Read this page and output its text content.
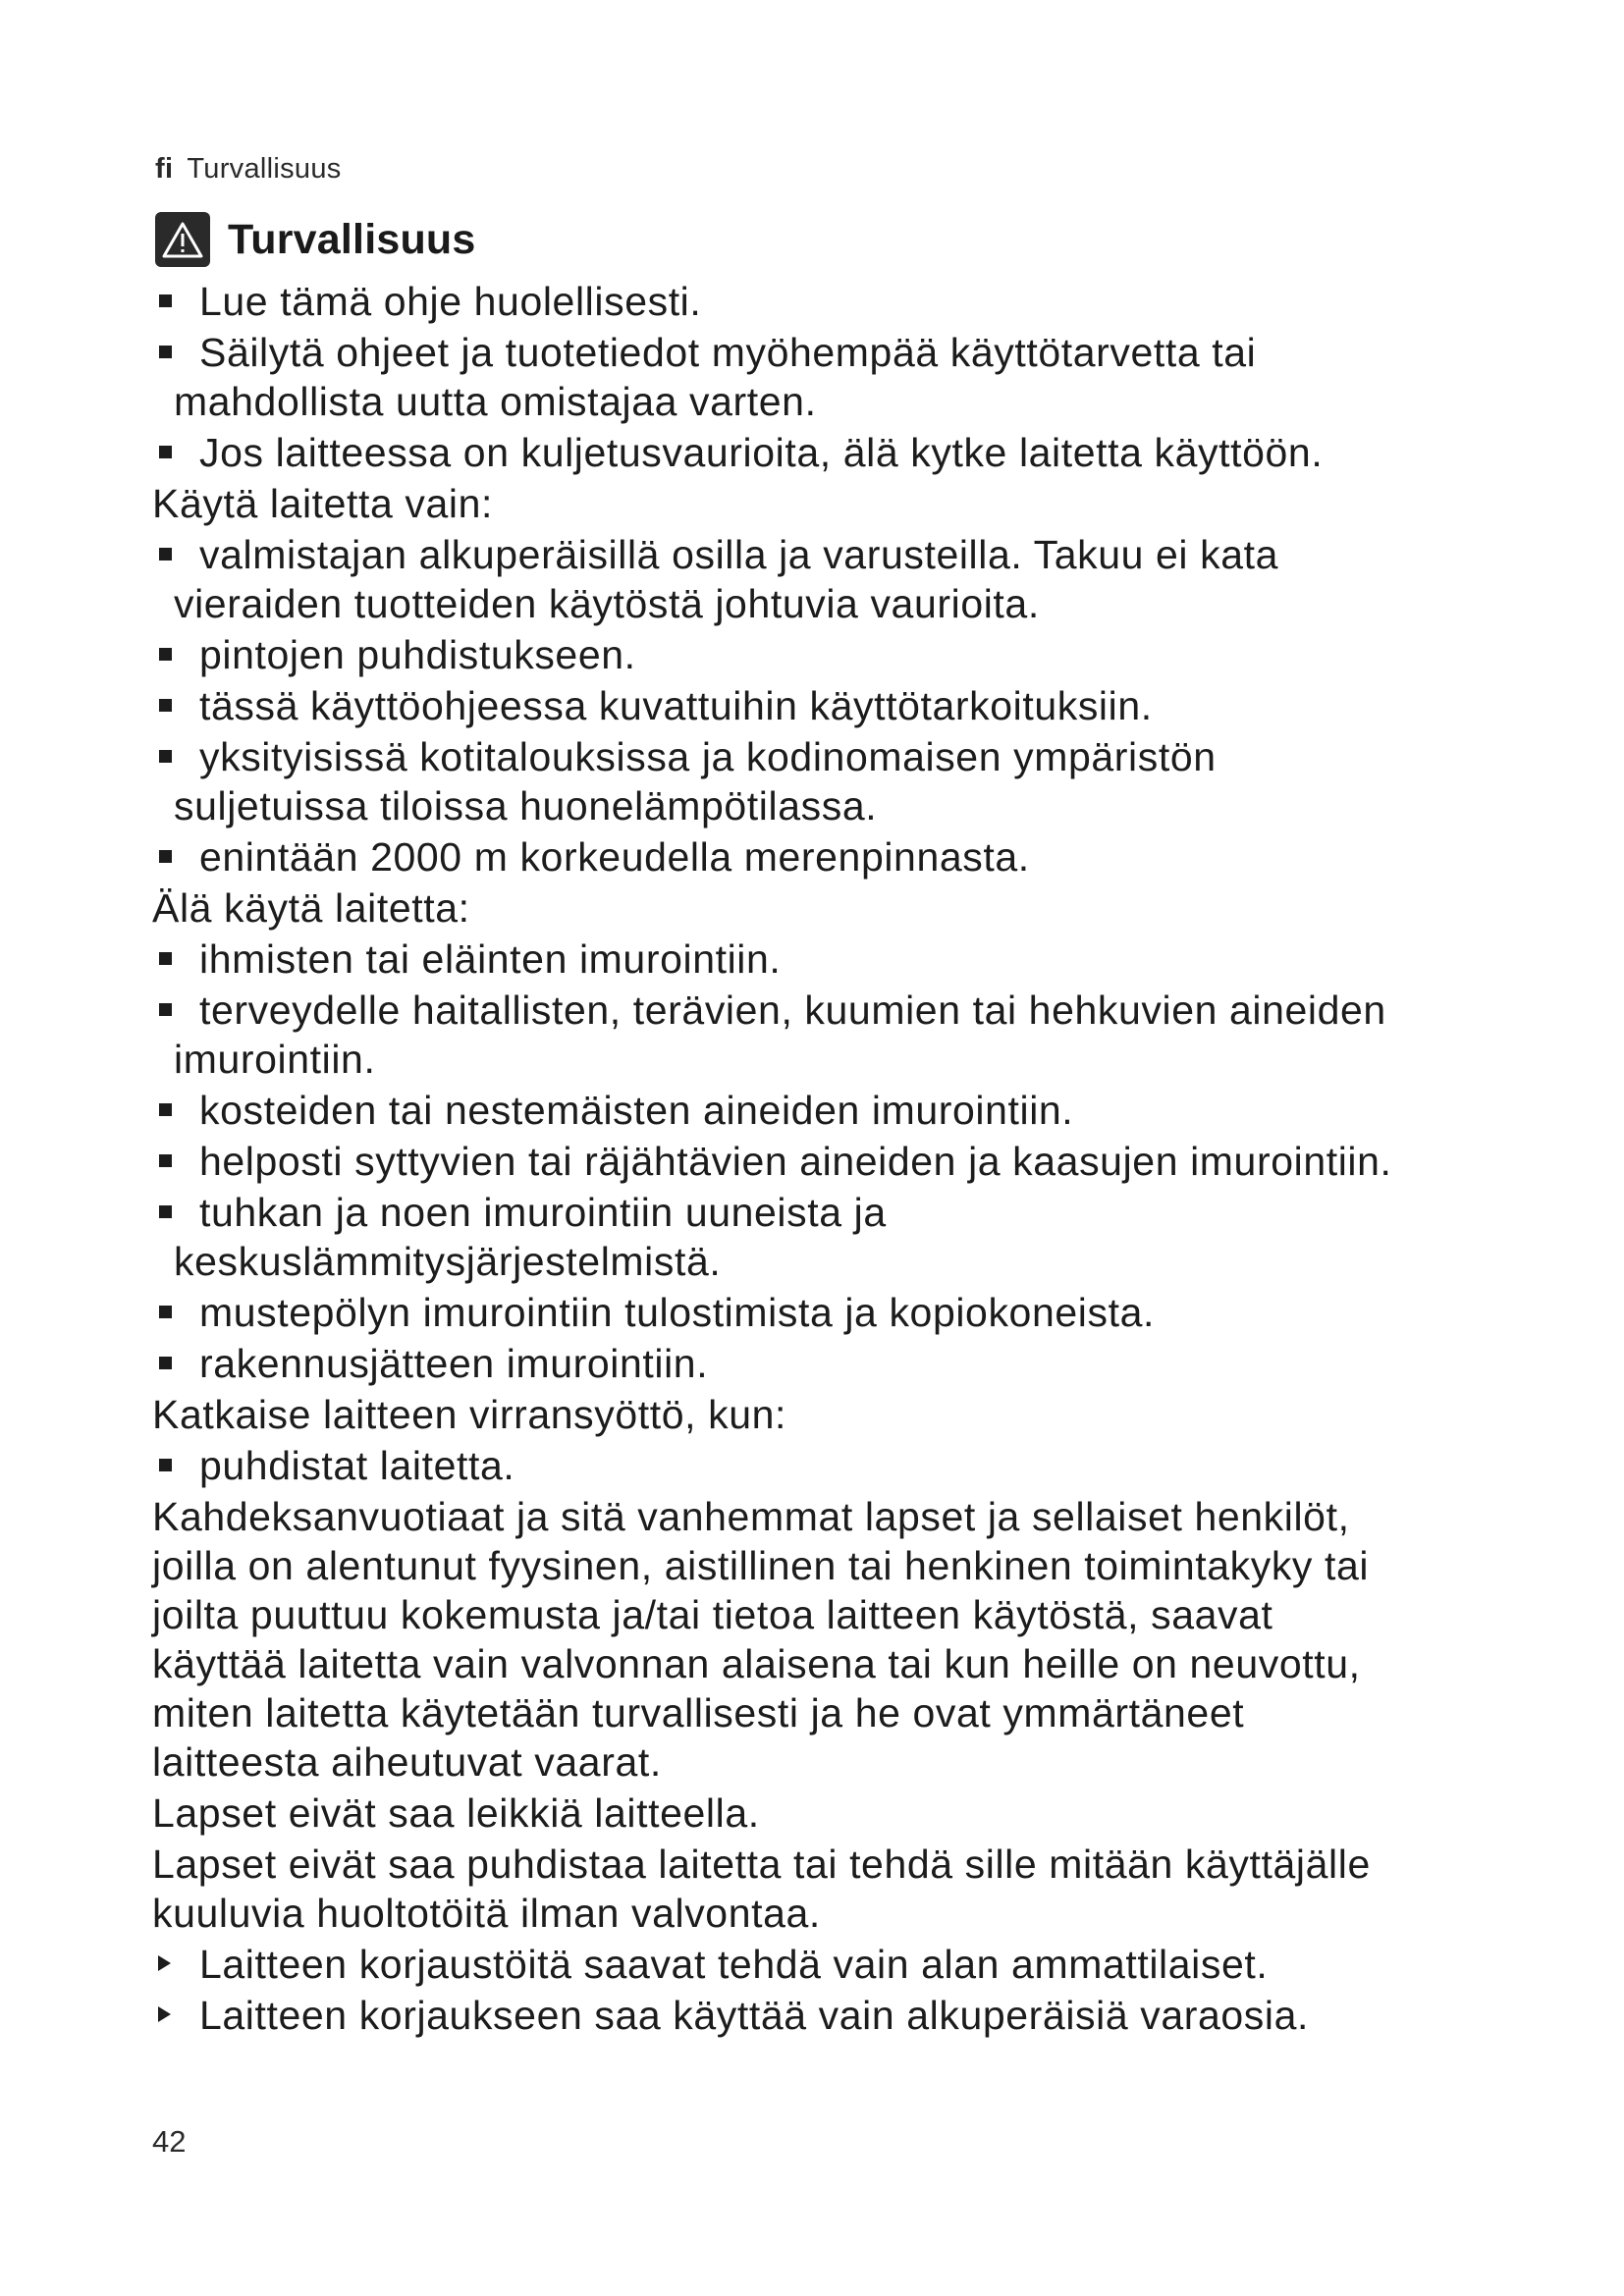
fi Turvallisuus
Turvallisuus
Lue tämä ohje huolellisesti.
Säilytä ohjeet ja tuotetiedot myöhempää käyttötarvetta tai
mahdollista uutta omistajaa varten.
Jos laitteessa on kuljetusvaurioita, älä kytke laitetta käyttöön.
Käytä laitetta vain:
valmistajan alkuperäisillä osilla ja varusteilla. Takuu ei kata
vieraiden tuotteiden käytöstä johtuvia vaurioita.
pintojen puhdistukseen.
tässä käyttöohjeessa kuvattuihin käyttötarkoituksiin.
yksityisissä kotitalouksissa ja kodinomaisen ympäristön
suljetuissa tiloissa huonelämpötilassa.
enintään 2000 m korkeudella merenpinnasta.
Älä käytä laitetta:
ihmisten tai eläinten imurointiin.
terveydelle haitallisten, terävien, kuumien tai hehkuvien aineiden
imurointiin.
kosteiden tai nestemäisten aineiden imurointiin.
helposti syttyvien tai räjähtävien aineiden ja kaasujen imurointiin.
tuhkan ja noen imurointiin uuneista ja
keskuslämmitysjärjestelmistä.
mustepölyn imurointiin tulostimista ja kopiokoneista.
rakennusjätteen imurointiin.
Katkaise laitteen virransyöttö, kun:
puhdistat laitetta.
Kahdeksanvuotiaat ja sitä vanhemmat lapset ja sellaiset henkilöt,
joilla on alentunut fyysinen, aistillinen tai henkinen toimintakyky tai
joilta puuttuu kokemusta ja/tai tietoa laitteen käytöstä, saavat
käyttää laitetta vain valvonnan alaisena tai kun heille on neuvottu,
miten laitetta käytetään turvallisesti ja he ovat ymmärtäneet
laitteesta aiheutuvat vaarat.
Lapset eivät saa leikkiä laitteella.
Lapset eivät saa puhdistaa laitetta tai tehdä sille mitään käyttäjälle
kuuluvia huoltotöitä ilman valvontaa.
Laitteen korjaustöitä saavat tehdä vain alan ammattilaiset.
Laitteen korjaukseen saa käyttää vain alkuperäisiä varaosia.
42
